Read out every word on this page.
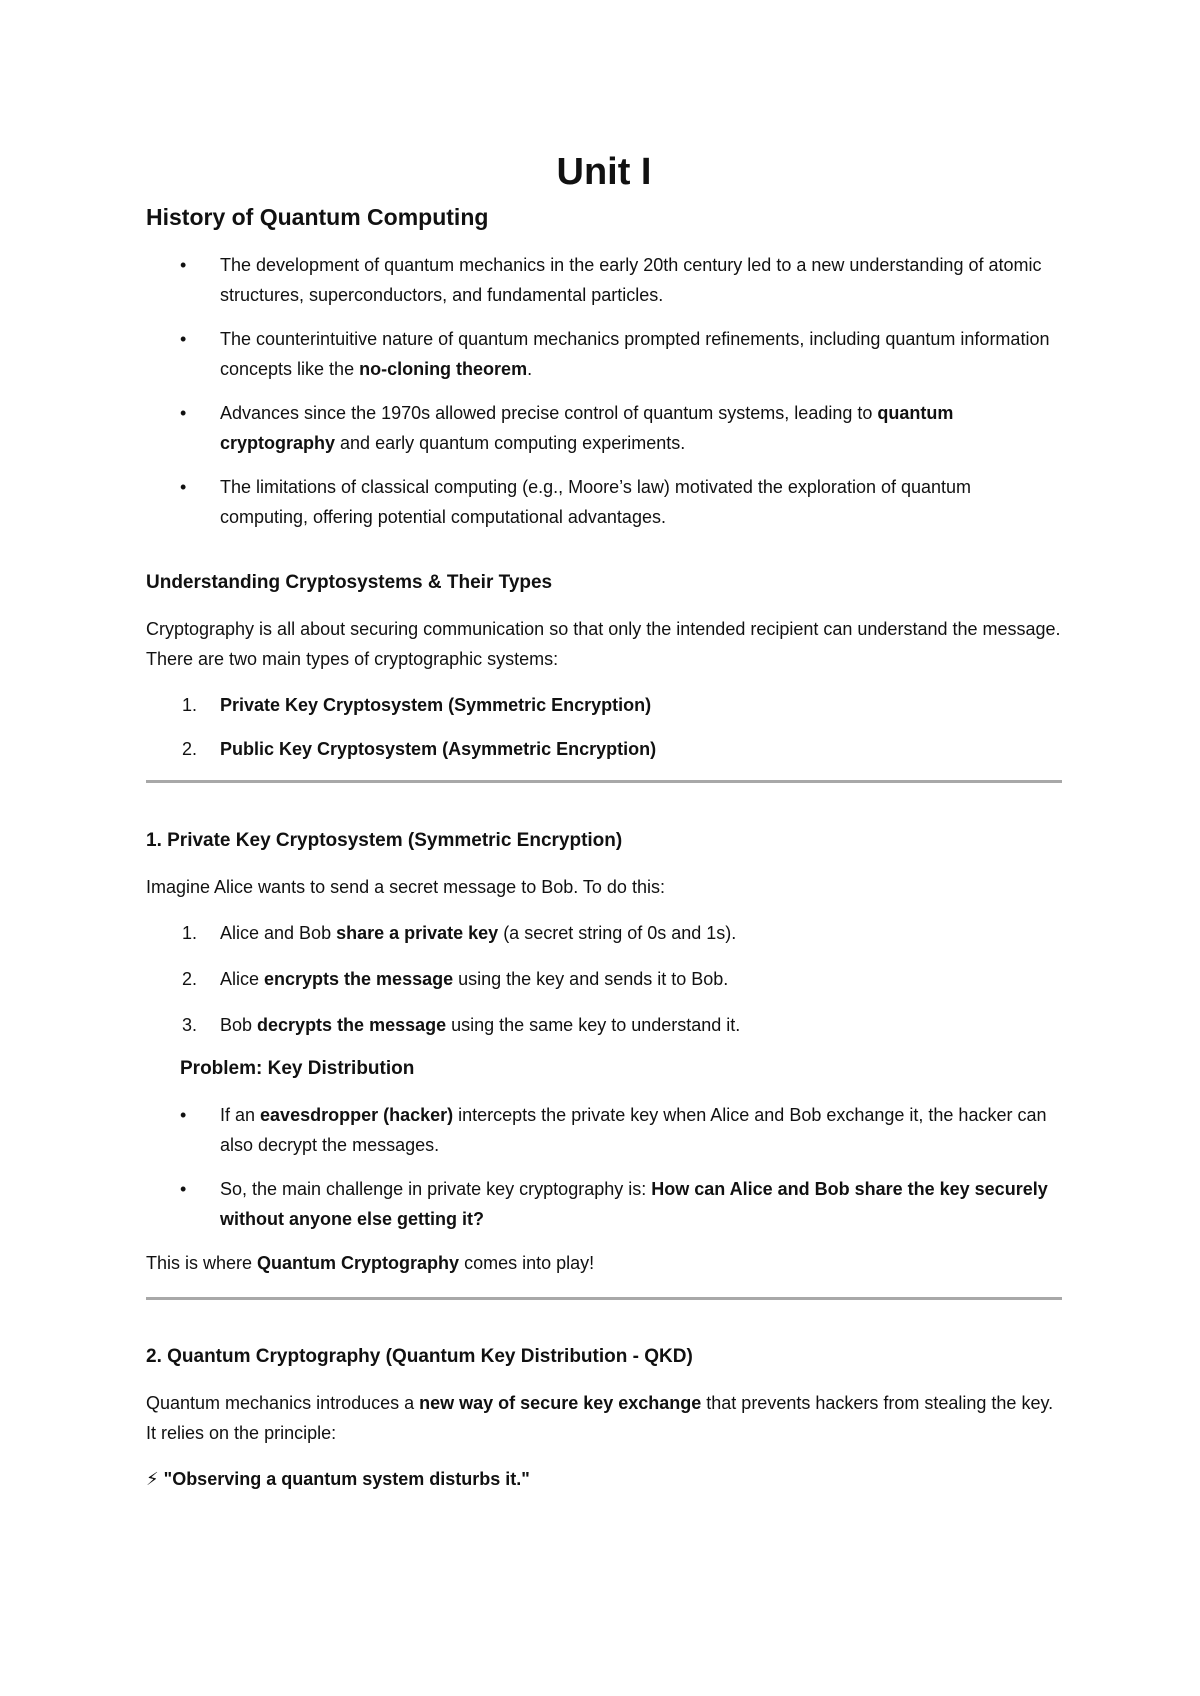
Unit I
History of Quantum Computing
• The development of quantum mechanics in the early 20th century led to a new understanding of atomic structures, superconductors, and fundamental particles.
• The counterintuitive nature of quantum mechanics prompted refinements, including quantum information concepts like the no-cloning theorem.
• Advances since the 1970s allowed precise control of quantum systems, leading to quantum cryptography and early quantum computing experiments.
• The limitations of classical computing (e.g., Moore’s law) motivated the exploration of quantum computing, offering potential computational advantages.
Understanding Cryptosystems & Their Types

Cryptography is all about securing communication so that only the intended recipient can understand the message. There are two main types of cryptographic systems:

1. Private Key Cryptosystem (Symmetric Encryption)
2. Public Key Cryptosystem (Asymmetric Encryption)
1. Private Key Cryptosystem (Symmetric Encryption)

Imagine Alice wants to send a secret message to Bob. To do this:

1. Alice and Bob share a private key (a secret string of 0s and 1s).
2. Alice encrypts the message using the key and sends it to Bob.
3. Bob decrypts the message using the same key to understand it.
Problem: Key Distribution
• If an eavesdropper (hacker) intercepts the private key when Alice and Bob exchange it, the hacker can also decrypt the messages.
• So, the main challenge in private key cryptography is: How can Alice and Bob share the key securely without anyone else getting it?

This is where Quantum Cryptography comes into play!

2. Quantum Cryptography (Quantum Key Distribution - QKD)

Quantum mechanics introduces a new way of secure key exchange that prevents hackers from stealing the key. It relies on the principle:

⚡ "Observing a quantum system disturbs it."
